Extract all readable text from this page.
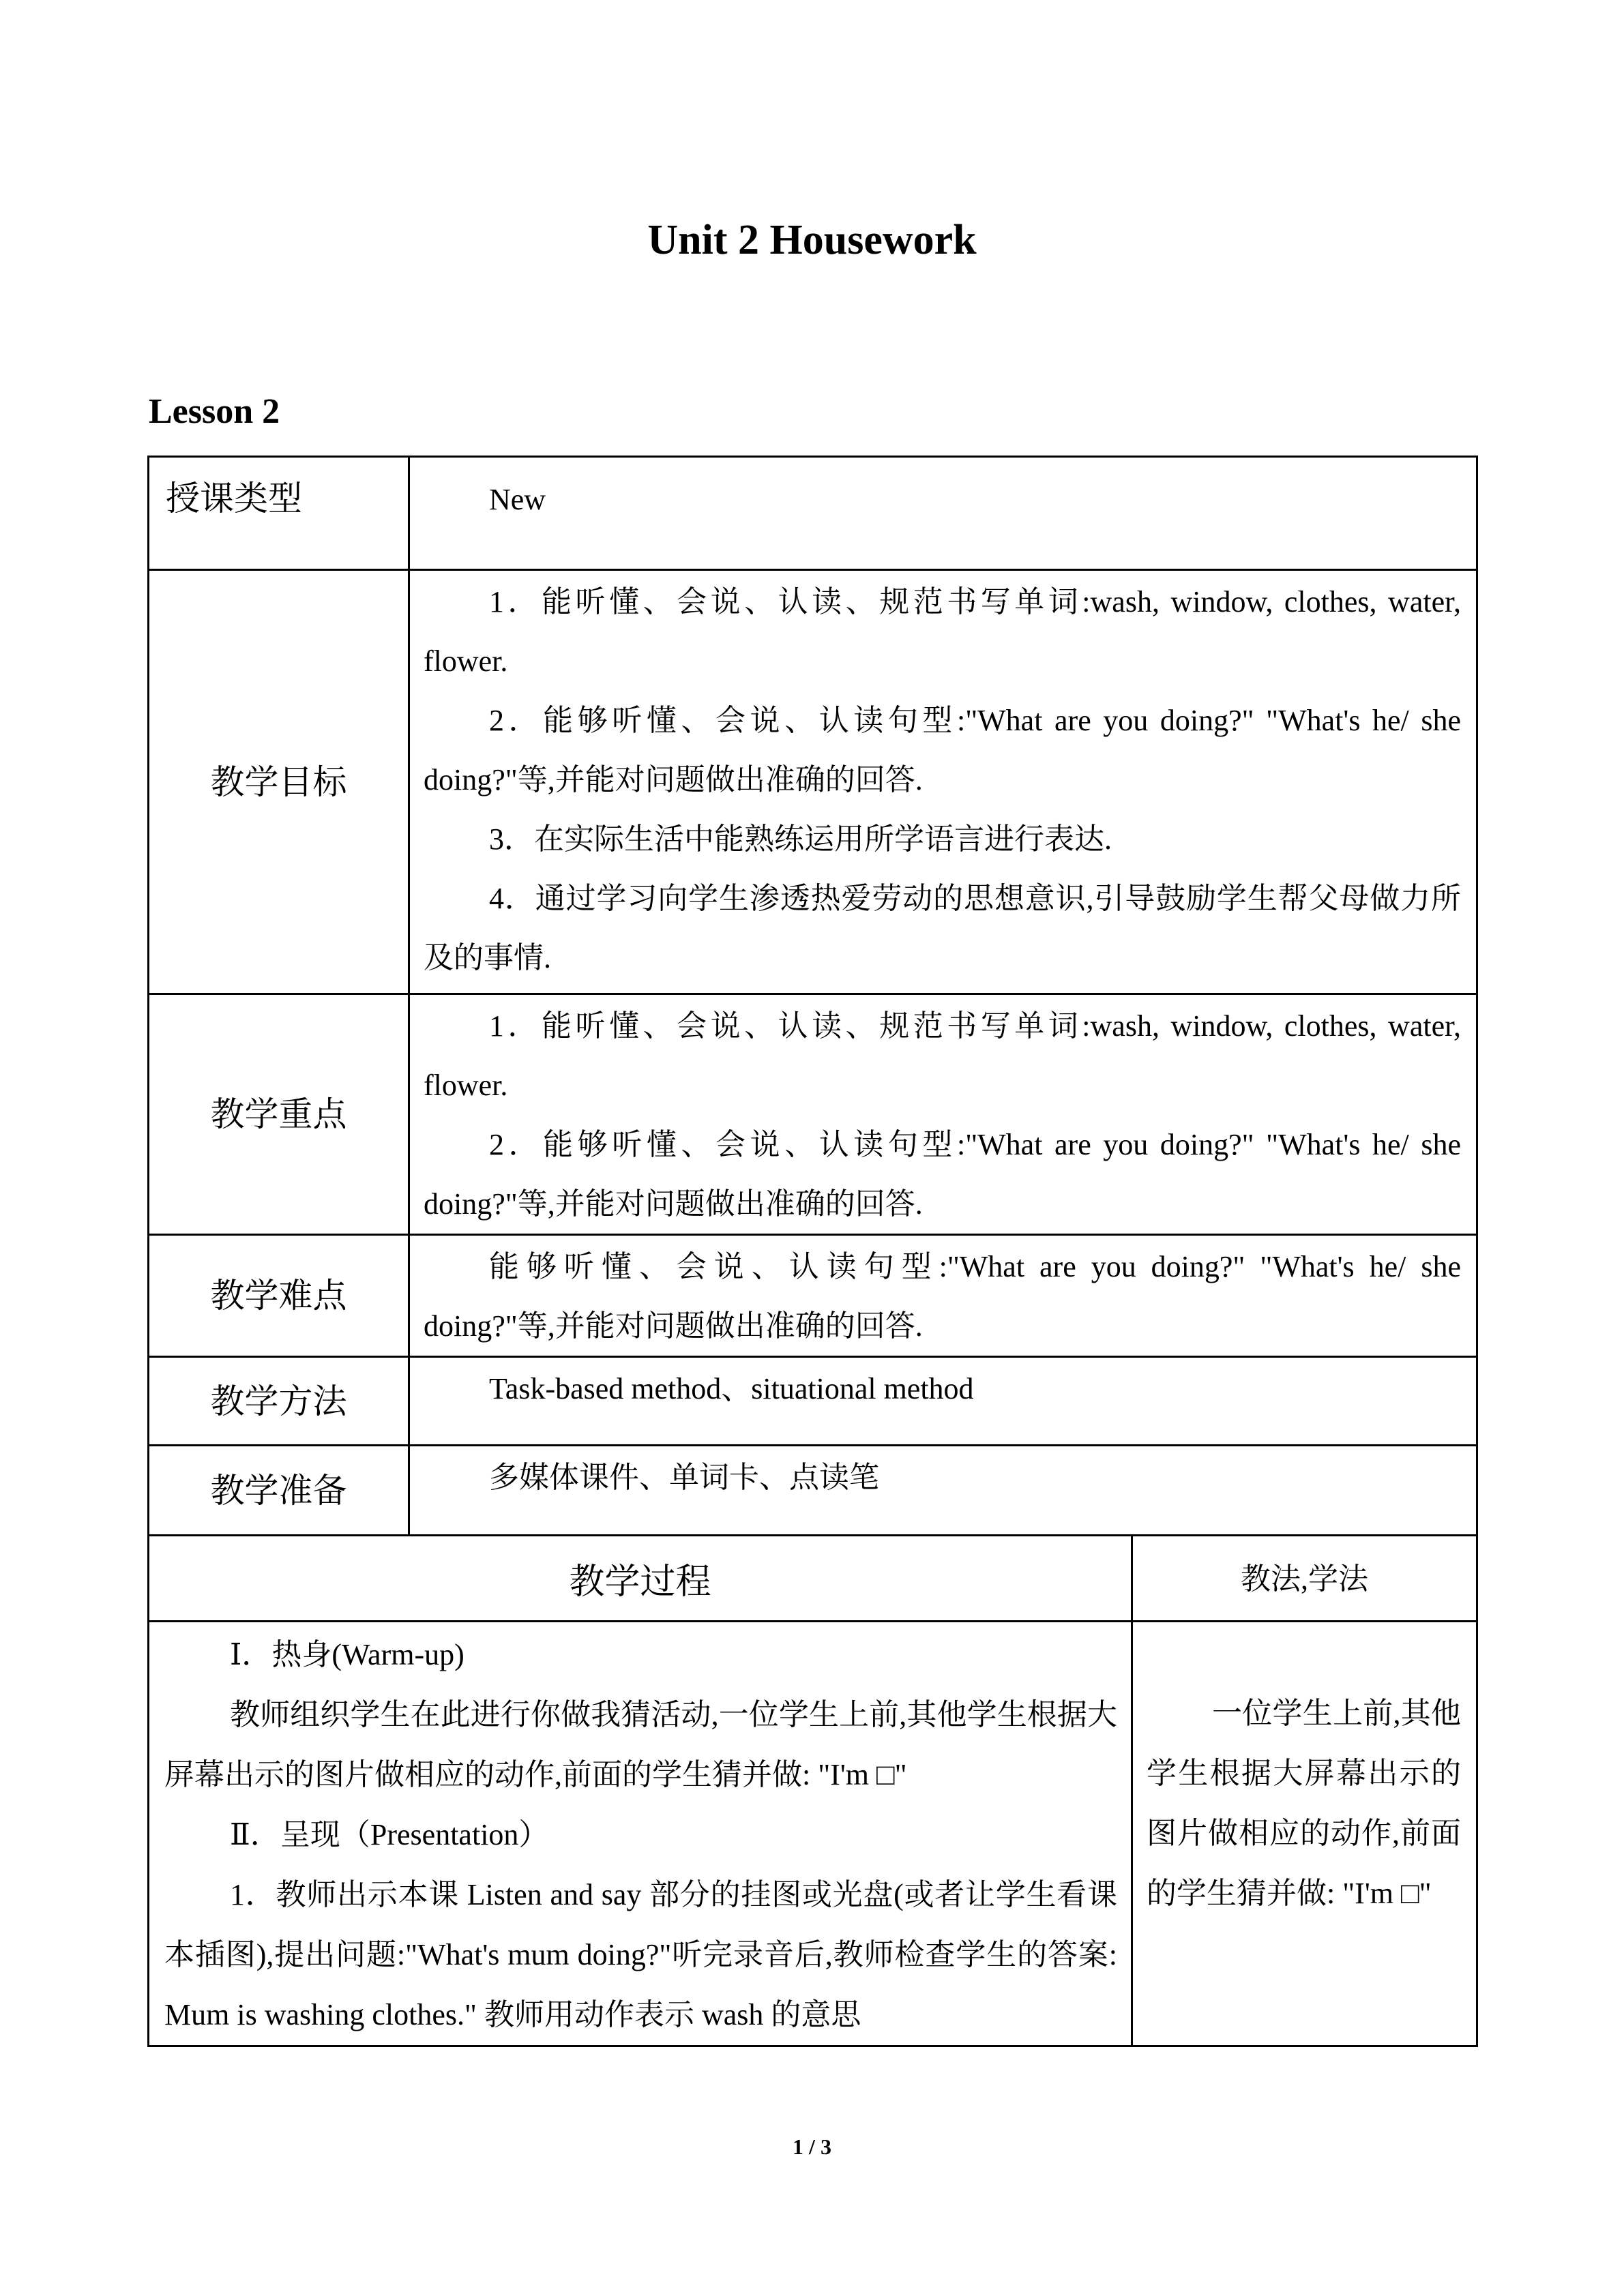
Unit 2 Housework
Lesson 2
授课类型	New	

教学目标	1．能听懂、会说、认读、规范书写单词:wash, window, clothes, water, flower.

2．能够听懂、会说、认读句型:"What are you doing?" "What's he/ she doing?"等,并能对问题做出准确的回答.

3．在实际生活中能熟练运用所学语言进行表达.

4．通过学习向学生渗透热爱劳动的思想意识,引导鼓励学生帮父母做力所及的事情.	

教学重点	1．能听懂、会说、认读、规范书写单词:wash, window, clothes, water, flower.

2．能够听懂、会说、认读句型:"What are you doing?" "What's he/ she doing?"等,并能对问题做出准确的回答.	

教学难点	能够听懂、会说、认读句型:"What are you doing?" "What's he/ she doing?"等,并能对问题做出准确的回答.	

教学方法	Task-based method、situational method	

教学准备	多媒体课件、单词卡、点读笔	

教学过程		教法,学法

Ⅰ．热身(Warm-up)

教师组织学生在此进行你做我猜活动,一位学生上前,其他学生根据大屏幕出示的图片做相应的动作,前面的学生猜并做: "I'm □"

Ⅱ．呈现（Presentation）

1．教师出示本课 Listen and say 部分的挂图或光盘(或者让学生看课本插图),提出问题:"What's mum doing?"听完录音后,教师检查学生的答案: Mum is washing clothes." 教师用动作表示 wash 的意思		一位学生上前,其他学生根据大屏幕出示的图片做相应的动作,前面的学生猜并做: "I'm □"

1 / 3
